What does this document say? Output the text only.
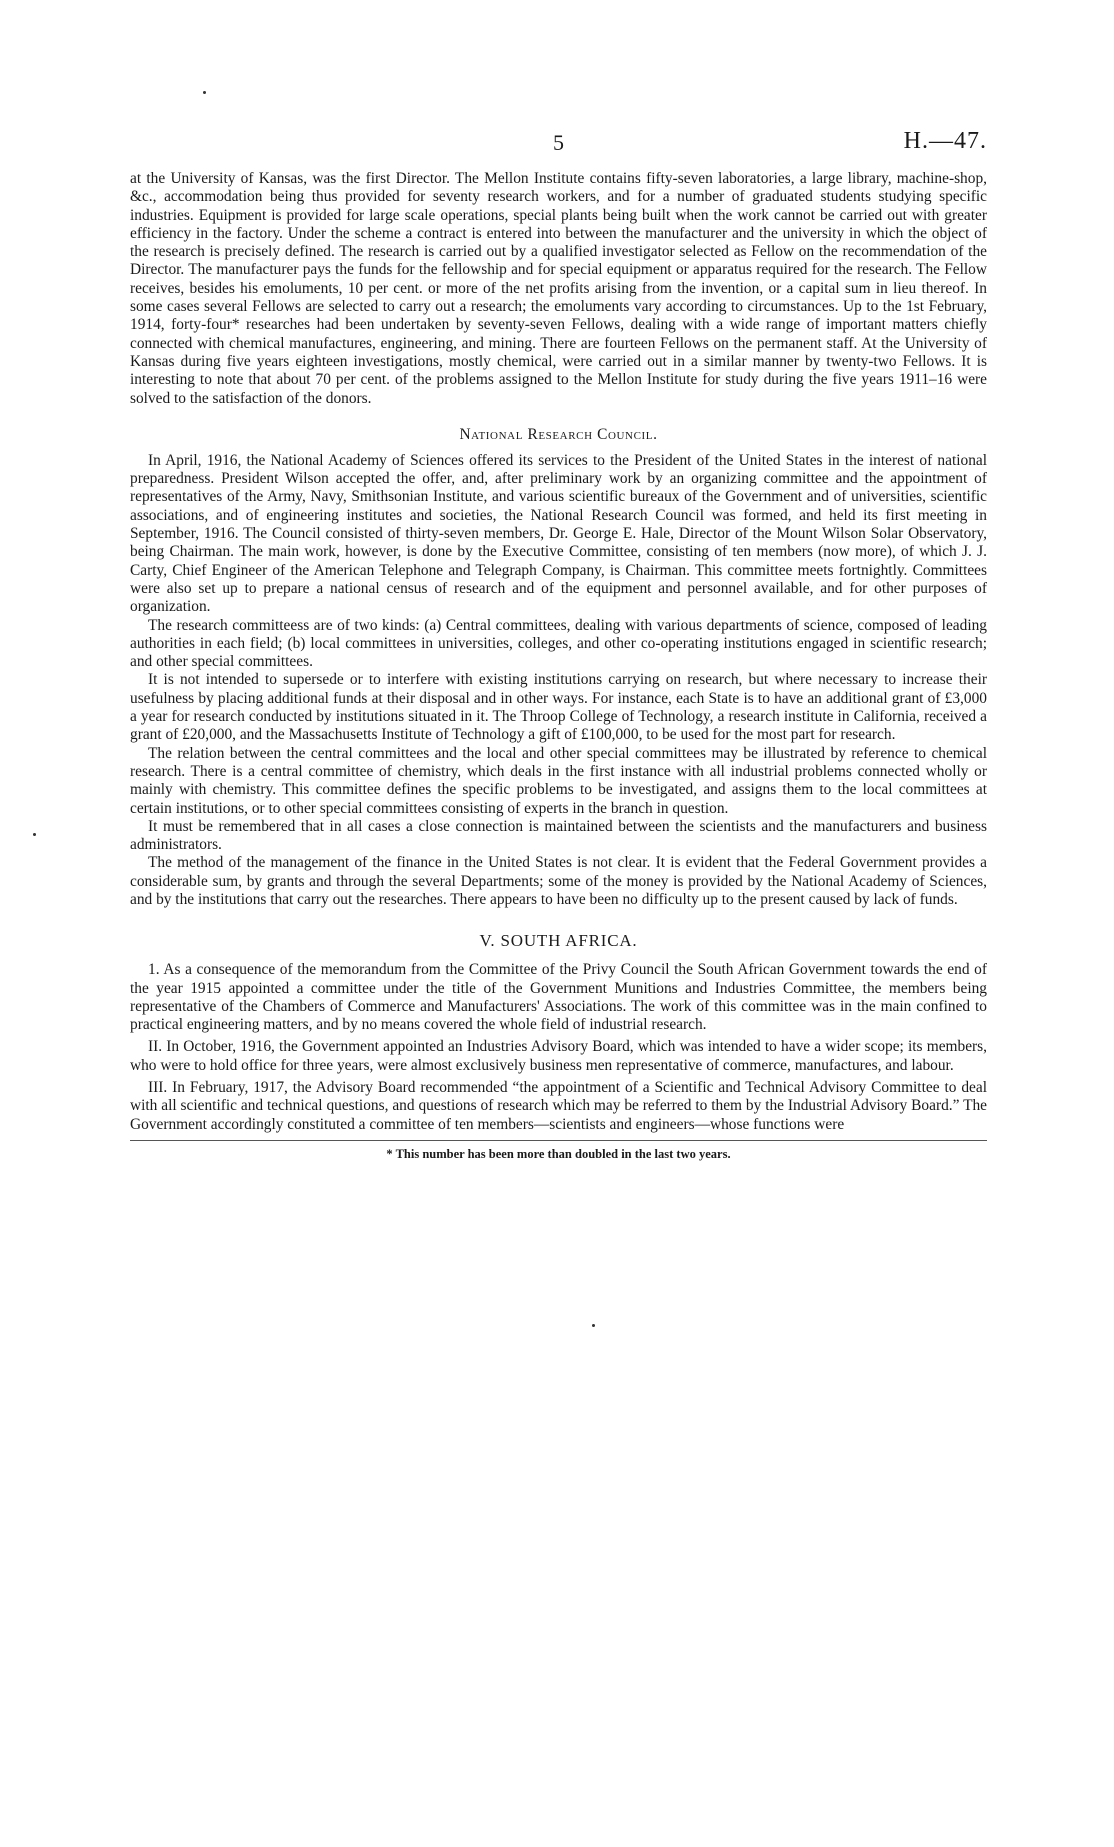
5	H.—47.

at the University of Kansas, was the first Director. The Mellon Institute contains fifty-seven laboratories, a large library, machine-shop, &c., accommodation being thus provided for seventy research workers, and for a number of graduated students studying specific industries. Equipment is provided for large scale operations, special plants being built when the work cannot be carried out with greater efficiency in the factory. Under the scheme a contract is entered into between the manufacturer and the university in which the object of the research is precisely defined. The research is carried out by a qualified investigator selected as Fellow on the recommendation of the Director. The manufacturer pays the funds for the fellowship and for special equipment or apparatus required for the research. The Fellow receives, besides his emoluments, 10 per cent. or more of the net profits arising from the invention, or a capital sum in lieu thereof. In some cases several Fellows are selected to carry out a research; the emoluments vary according to circumstances. Up to the 1st February, 1914, forty-four* researches had been undertaken by seventy-seven Fellows, dealing with a wide range of important matters chiefly connected with chemical manufactures, engineering, and mining. There are fourteen Fellows on the permanent staff. At the University of Kansas during five years eighteen investigations, mostly chemical, were carried out in a similar manner by twenty-two Fellows. It is interesting to note that about 70 per cent. of the problems assigned to the Mellon Institute for study during the five years 1911–16 were solved to the satisfaction of the donors.

National Research Council.

In April, 1916, the National Academy of Sciences offered its services to the President of the United States in the interest of national preparedness. President Wilson accepted the offer, and, after preliminary work by an organizing committee and the appointment of representatives of the Army, Navy, Smithsonian Institute, and various scientific bureaux of the Government and of universities, scientific associations, and of engineering institutes and societies, the National Research Council was formed, and held its first meeting in September, 1916. The Council consisted of thirty-seven members, Dr. George E. Hale, Director of the Mount Wilson Solar Observatory, being Chairman. The main work, however, is done by the Executive Committee, consisting of ten members (now more), of which J. J. Carty, Chief Engineer of the American Telephone and Telegraph Company, is Chairman. This committee meets fortnightly. Committees were also set up to prepare a national census of research and of the equipment and personnel available, and for other purposes of organization.

The research committeess are of two kinds: (a) Central committees, dealing with various departments of science, composed of leading authorities in each field; (b) local committees in universities, colleges, and other co-operating institutions engaged in scientific research; and other special committees.

It is not intended to supersede or to interfere with existing institutions carrying on research, but where necessary to increase their usefulness by placing additional funds at their disposal and in other ways. For instance, each State is to have an additional grant of £3,000 a year for research conducted by institutions situated in it. The Throop College of Technology, a research institute in California, received a grant of £20,000, and the Massachusetts Institute of Technology a gift of £100,000, to be used for the most part for research.

The relation between the central committees and the local and other special committees may be illustrated by reference to chemical research. There is a central committee of chemistry, which deals in the first instance with all industrial problems connected wholly or mainly with chemistry. This committee defines the specific problems to be investigated, and assigns them to the local committees at certain institutions, or to other special committees consisting of experts in the branch in question.

It must be remembered that in all cases a close connection is maintained between the scientists and the manufacturers and business administrators.

The method of the management of the finance in the United States is not clear. It is evident that the Federal Government provides a considerable sum, by grants and through the several Departments; some of the money is provided by the National Academy of Sciences, and by the institutions that carry out the researches. There appears to have been no difficulty up to the present caused by lack of funds.

V. SOUTH AFRICA.

1. As a consequence of the memorandum from the Committee of the Privy Council the South African Government towards the end of the year 1915 appointed a committee under the title of the Government Munitions and Industries Committee, the members being representative of the Chambers of Commerce and Manufacturers' Associations. The work of this committee was in the main confined to practical engineering matters, and by no means covered the whole field of industrial research.

II. In October, 1916, the Government appointed an Industries Advisory Board, which was intended to have a wider scope; its members, who were to hold office for three years, were almost exclusively business men representative of commerce, manufactures, and labour.

III. In February, 1917, the Advisory Board recommended “the appointment of a Scientific and Technical Advisory Committee to deal with all scientific and technical questions, and questions of research which may be referred to them by the Industrial Advisory Board.” The Government accordingly constituted a committee of ten members—scientists and engineers—whose functions were

* This number has been more than doubled in the last two years.
